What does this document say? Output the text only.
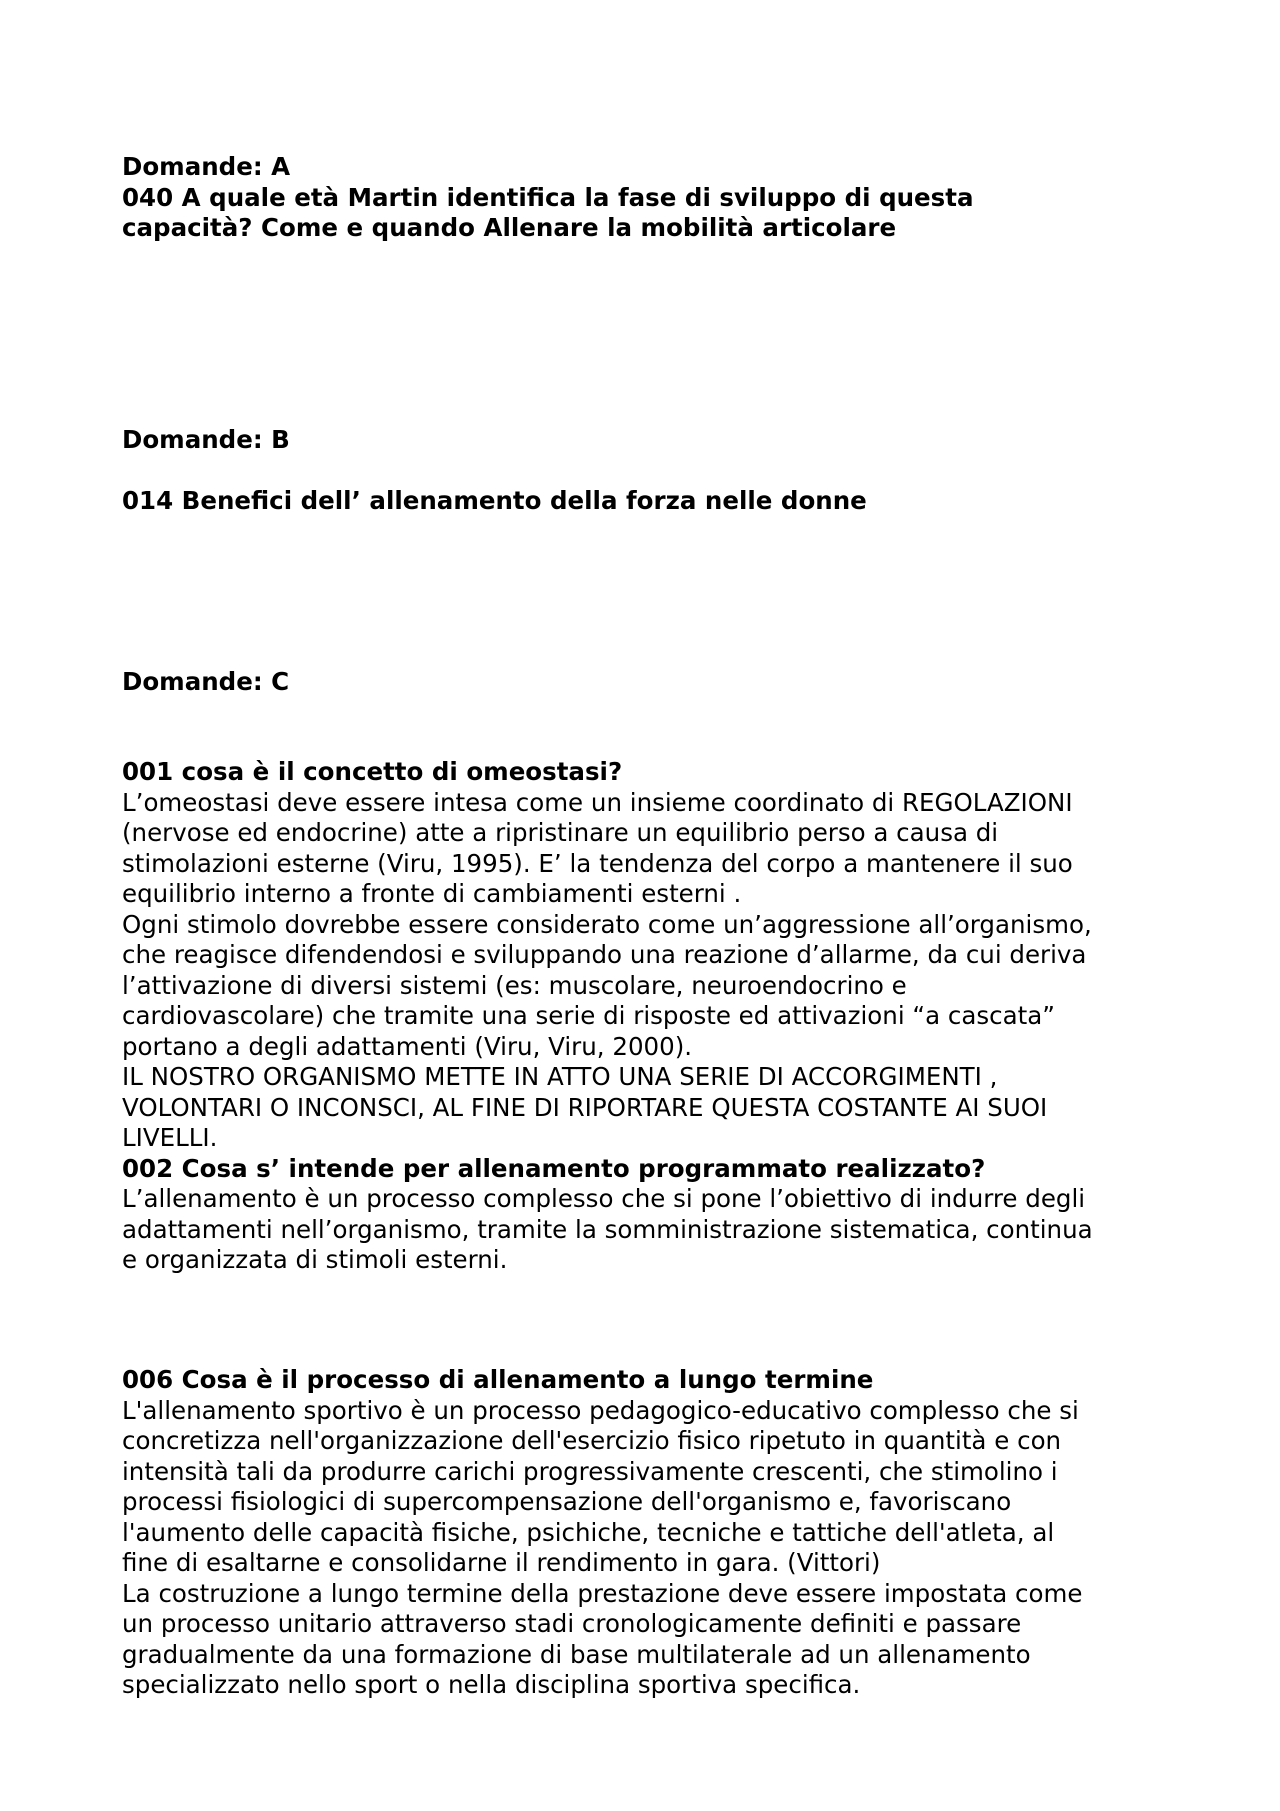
Domande: A
040 A quale età Martin identifica la fase di sviluppo di questa
capacità? Come e quando Allenare la mobilità articolare
Domande: B
014 Benefici dell’ allenamento della forza nelle donne
Domande: C
001 cosa è il concetto di omeostasi?
L’omeostasi deve essere intesa come un insieme coordinato di REGOLAZIONI
(nervose ed endocrine) atte a ripristinare un equilibrio perso a causa di
stimolazioni esterne (Viru, 1995). E’ la tendenza del corpo a mantenere il suo
equilibrio interno a fronte di cambiamenti esterni .
Ogni stimolo dovrebbe essere considerato come un’aggressione all’organismo,
che reagisce difendendosi e sviluppando una reazione d’allarme, da cui deriva
l’attivazione di diversi sistemi (es: muscolare, neuroendocrino e
cardiovascolare) che tramite una serie di risposte ed attivazioni “a cascata”
portano a degli adattamenti (Viru, Viru, 2000).
IL NOSTRO ORGANISMO METTE IN ATTO UNA SERIE DI ACCORGIMENTI ,
VOLONTARI O INCONSCI, AL FINE DI RIPORTARE QUESTA COSTANTE AI SUOI
LIVELLI.
002 Cosa s’ intende per allenamento programmato realizzato?
L’allenamento è un processo complesso che si pone l’obiettivo di indurre degli
adattamenti nell’organismo, tramite la somministrazione sistematica, continua
e organizzata di stimoli esterni.
006 Cosa è il processo di allenamento a lungo termine
L'allenamento sportivo è un processo pedagogico-educativo complesso che si
concretizza nell'organizzazione dell'esercizio fisico ripetuto in quantità e con
intensità tali da produrre carichi progressivamente crescenti, che stimolino i
processi fisiologici di supercompensazione dell'organismo e, favoriscano
l'aumento delle capacità fisiche, psichiche, tecniche e tattiche dell'atleta, al
fine di esaltarne e consolidarne il rendimento in gara. (Vittori)
La costruzione a lungo termine della prestazione deve essere impostata come
un processo unitario attraverso stadi cronologicamente definiti e passare
gradualmente da una formazione di base multilaterale ad un allenamento
specializzato nello sport o nella disciplina sportiva specifica.
